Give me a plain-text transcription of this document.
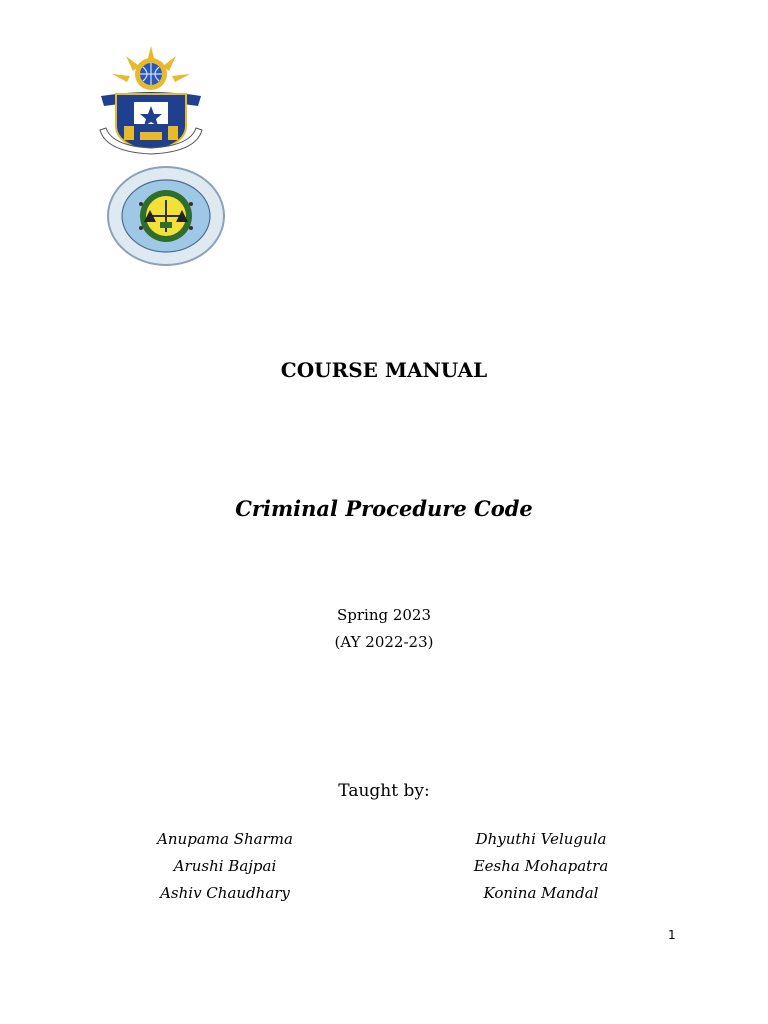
COURSE MANUAL
Criminal Procedure Code
Spring 2023
(AY 2022-23)
Taught by:
Anupama Sharma
Arushi Bajpai
Ashiv Chaudhary
Dhyuthi Velugula
Eesha Mohapatra
Konina Mandal
1
